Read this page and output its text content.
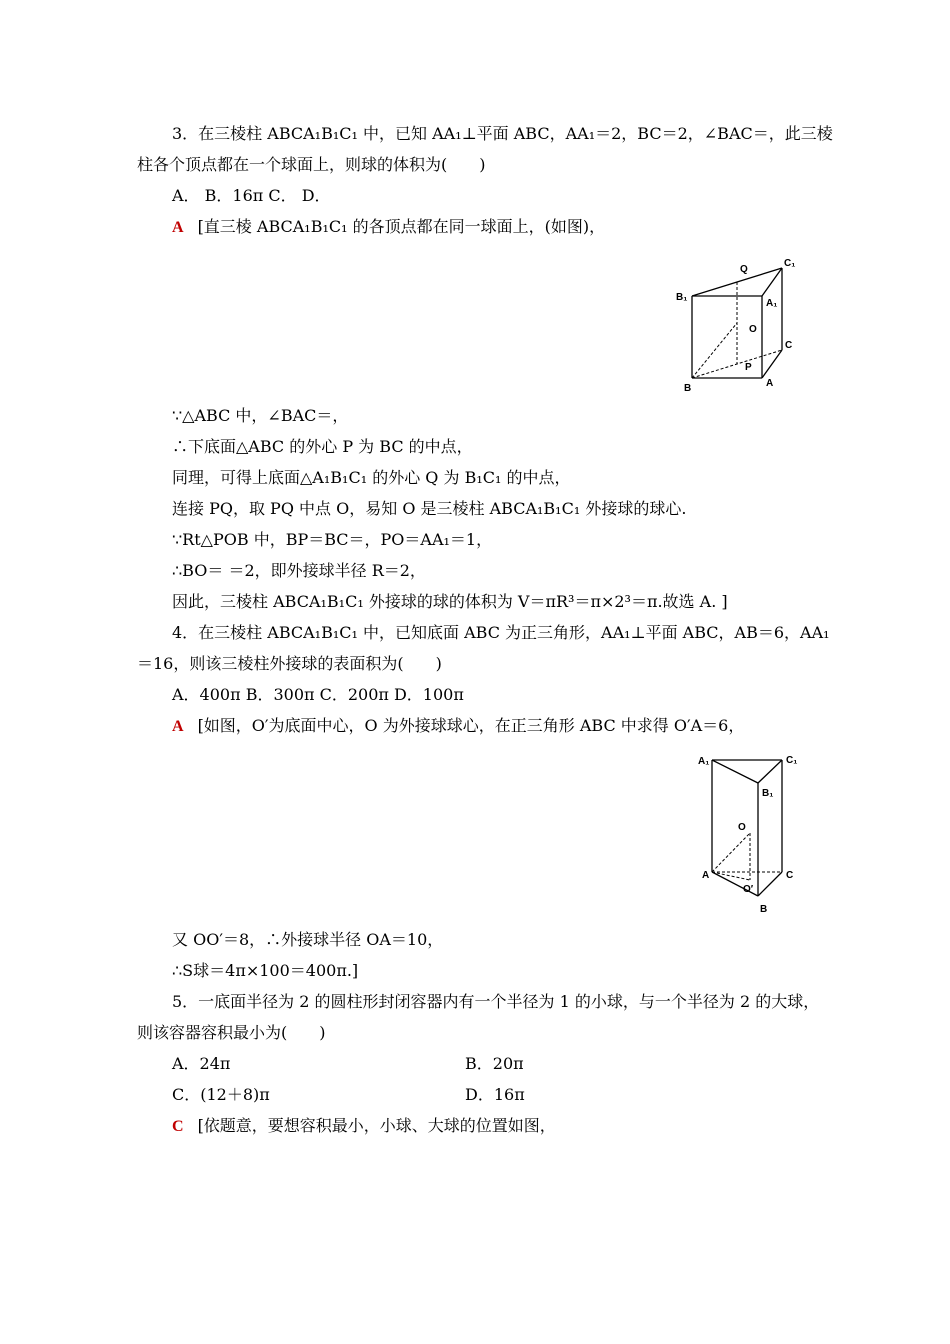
3．在三棱柱 ABCA₁B₁C₁ 中，已知 AA₁⊥平面 ABC，AA₁＝2，BC＝2，∠BAC＝，此三棱
柱各个顶点都在一个球面上，则球的体积为(　　)
A． B．16π C． D．
A [直三棱 ABCA₁B₁C₁ 的各顶点都在同一球面上，(如图)，
Q
C₁
B₁
A₁
O
C
P
B	A
∵△ABC 中，∠BAC＝，
∴下底面△ABC 的外心 P 为 BC 的中点，
同理，可得上底面△A₁B₁C₁ 的外心 Q 为 B₁C₁ 的中点，
连接 PQ，取 PQ 中点 O，易知 O 是三棱柱 ABCA₁B₁C₁ 外接球的球心.
∵Rt△POB 中，BP＝BC＝，PO＝AA₁＝1，
∴BO＝ ＝2，即外接球半径 R＝2，
因此，三棱柱 ABCA₁B₁C₁ 外接球的球的体积为 V＝πR³＝π×2³＝π.故选 A. ]
4．在三棱柱 ABCA₁B₁C₁ 中，已知底面 ABC 为正三角形，AA₁⊥平面 ABC，AB＝6，AA₁
＝16，则该三棱柱外接球的表面积为(　　)
A．400π B．300π C．200π D．100π
A [如图，O′为底面中心，O 为外接球球心，在正三角形 ABC 中求得 O′A＝6，
A₁	C₁
B₁
O
A	C
O′
B
又 OO′＝8，∴外接球半径 OA＝10，
∴S球＝4π×100＝400π.]
5．一底面半径为 2 的圆柱形封闭容器内有一个半径为 1 的小球，与一个半径为 2 的大球，
则该容器容积最小为(　　)
A．24π	B．20π
C．(12＋8)π	D．16π
C [依题意，要想容积最小，小球、大球的位置如图，
